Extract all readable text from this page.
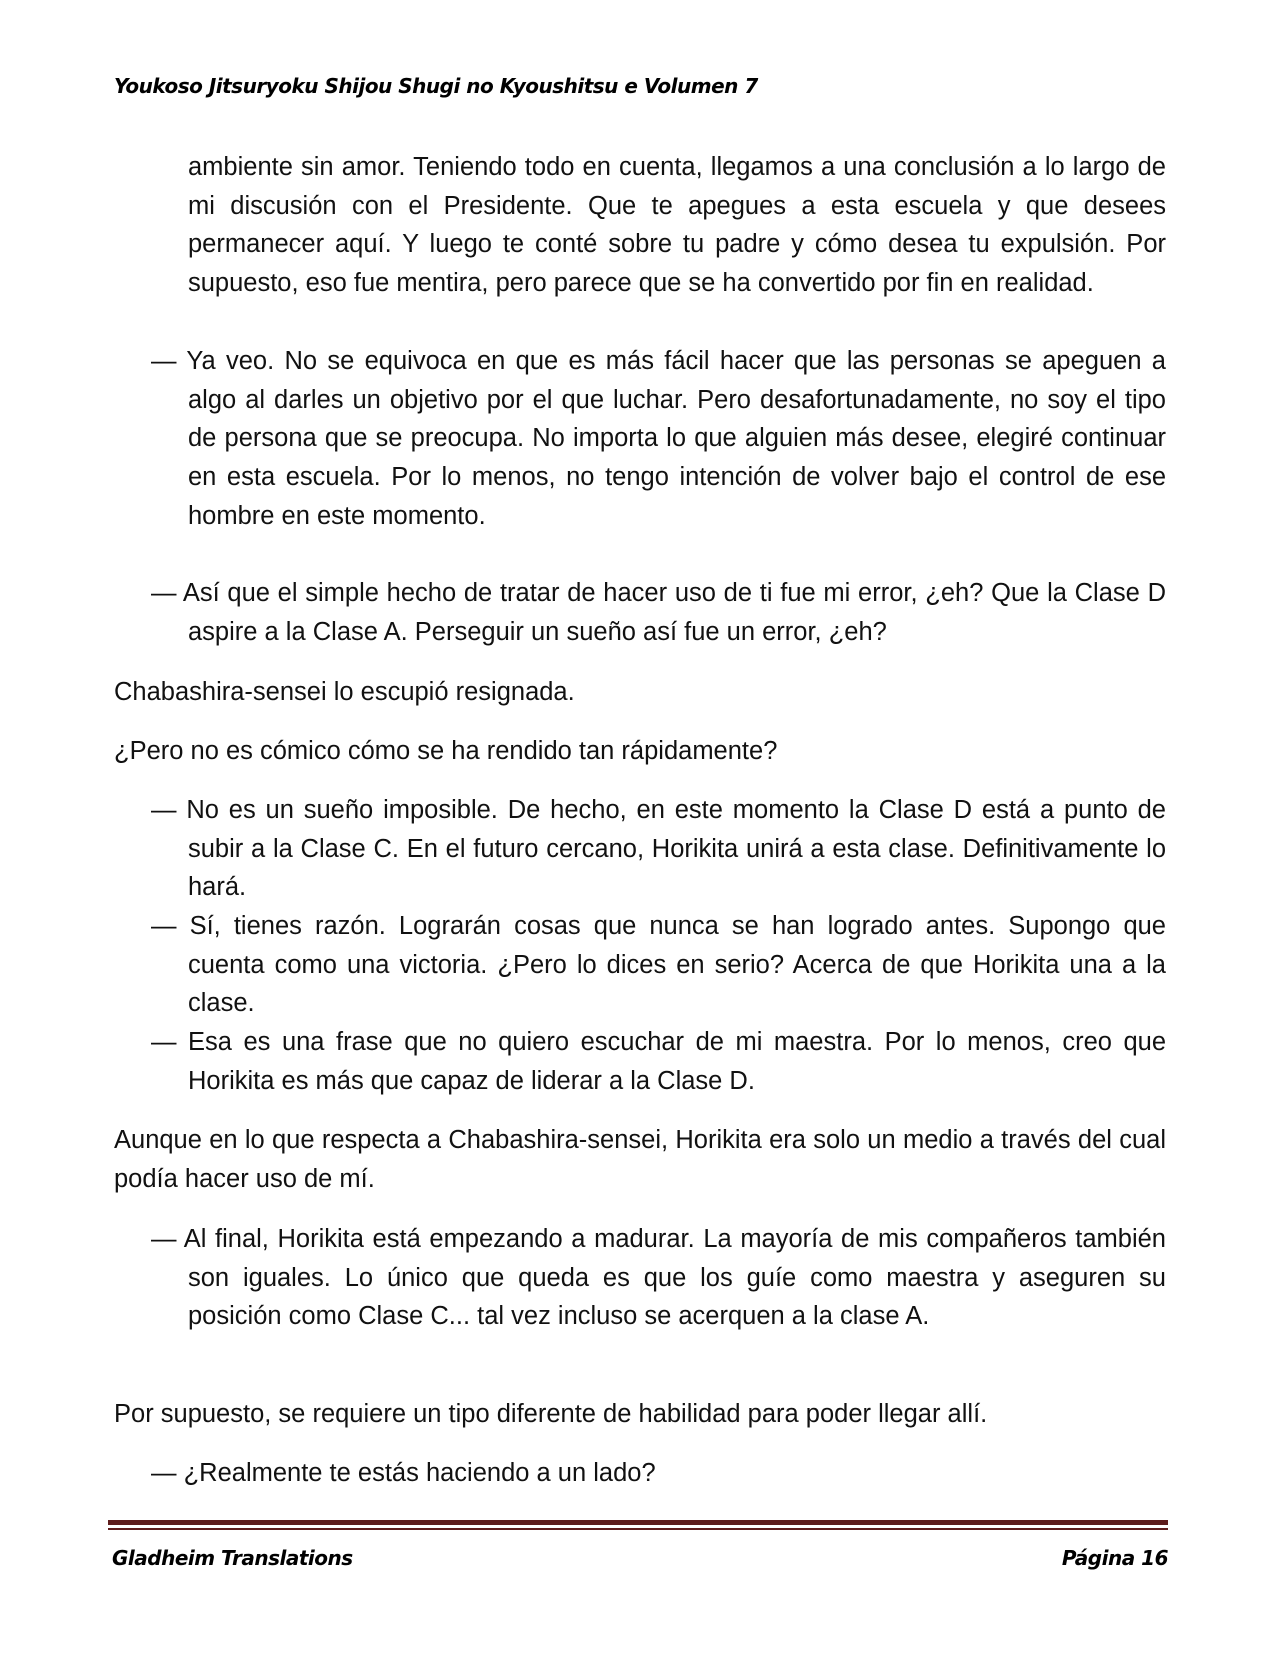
Youkoso Jitsuryoku Shijou Shugi no Kyoushitsu e Volumen 7

ambiente sin amor. Teniendo todo en cuenta, llegamos a una conclusión a lo largo de mi discusión con el Presidente. Que te apegues a esta escuela y que desees permanecer aquí. Y luego te conté sobre tu padre y cómo desea tu expulsión. Por supuesto, eso fue mentira, pero parece que se ha convertido por fin en realidad.

— Ya veo. No se equivoca en que es más fácil hacer que las personas se apeguen a algo al darles un objetivo por el que luchar. Pero desafortunadamente, no soy el tipo de persona que se preocupa. No importa lo que alguien más desee, elegiré continuar en esta escuela. Por lo menos, no tengo intención de volver bajo el control de ese hombre en este momento.

— Así que el simple hecho de tratar de hacer uso de ti fue mi error, ¿eh? Que la Clase D aspire a la Clase A. Perseguir un sueño así fue un error, ¿eh?

Chabashira-sensei lo escupió resignada.

¿Pero no es cómico cómo se ha rendido tan rápidamente?

— No es un sueño imposible. De hecho, en este momento la Clase D está a punto de subir a la Clase C. En el futuro cercano, Horikita unirá a esta clase. Definitivamente lo hará.

— Sí, tienes razón. Lograrán cosas que nunca se han logrado antes. Supongo que cuenta como una victoria. ¿Pero lo dices en serio? Acerca de que Horikita una a la clase.

— Esa es una frase que no quiero escuchar de mi maestra. Por lo menos, creo que Horikita es más que capaz de liderar a la Clase D.

Aunque en lo que respecta a Chabashira-sensei, Horikita era solo un medio a través del cual podía hacer uso de mí.

— Al final, Horikita está empezando a madurar. La mayoría de mis compañeros también son iguales. Lo único que queda es que los guíe como maestra y aseguren su posición como Clase C... tal vez incluso se acerquen a la clase A.

Por supuesto, se requiere un tipo diferente de habilidad para poder llegar allí.

— ¿Realmente te estás haciendo a un lado?

Gladheim Translations	Página 16
